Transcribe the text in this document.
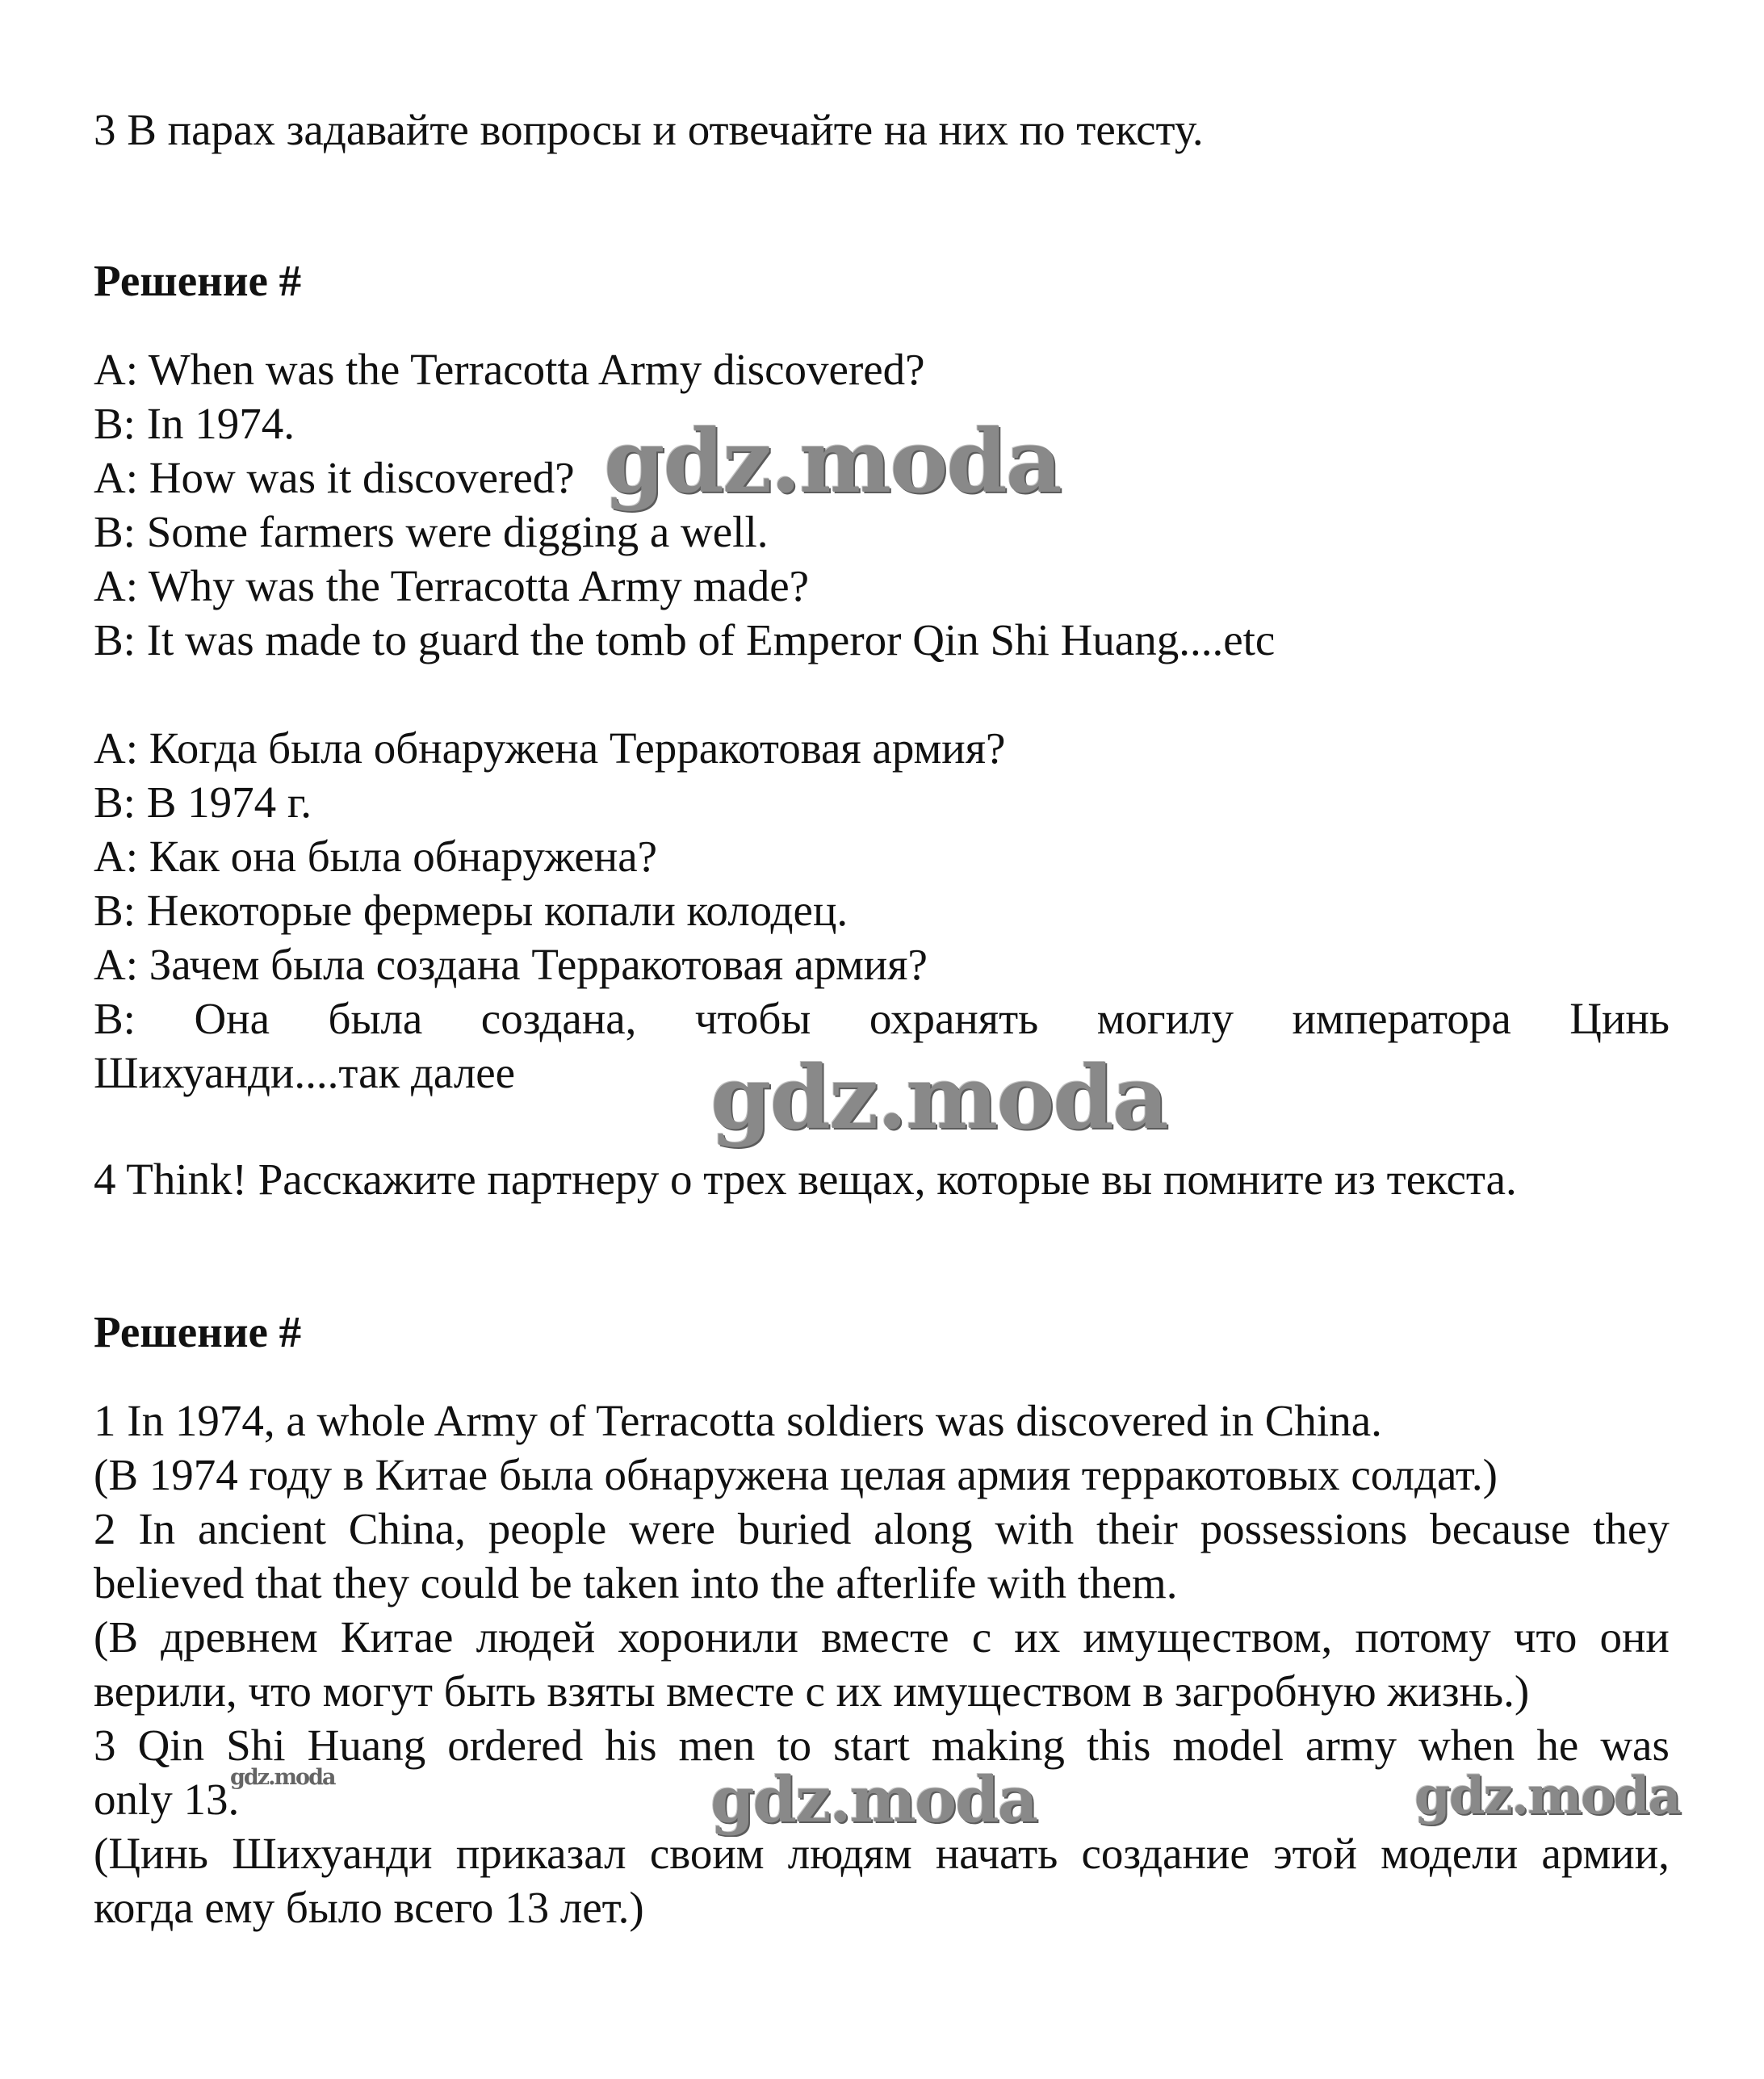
3 В парах задавайте вопросы и отвечайте на них по тексту.
Решение #
A: When was the Terracotta Army discovered?
B: In 1974.
A: How was it discovered?
B: Some farmers were digging a well.
A: Why was the Terracotta Army made?
B: It was made to guard the tomb of Emperor Qin Shi Huang....etc
A: Когда была обнаружена Терракотовая армия?
B: В 1974 г.
A: Как она была обнаружена?
B: Некоторые фермеры копали колодец.
A: Зачем была создана Терракотовая армия?
B: Она была создана, чтобы охранять могилу императора Цинь
Шихуанди....так далее
4 Think! Расскажите партнеру о трех вещах, которые вы помните из текста.
Решение #
1 In 1974, a whole Army of Terracotta soldiers was discovered in China.
(В 1974 году в Китае была обнаружена целая армия терракотовых солдат.)
2 In ancient China, people were buried along with their possessions because they
believed that they could be taken into the afterlife with them.
(В древнем Китае людей хоронили вместе с их имуществом, потому что они
верили, что могут быть взяты вместе с их имуществом в загробную жизнь.)
3 Qin Shi Huang ordered his men to start making this model army when he was
only 13.
(Цинь Шихуанди приказал своим людям начать создание этой модели армии,
когда ему было всего 13 лет.)
gdz.moda
gdz.moda
gdz.moda	gdz.moda
gdz.moda
